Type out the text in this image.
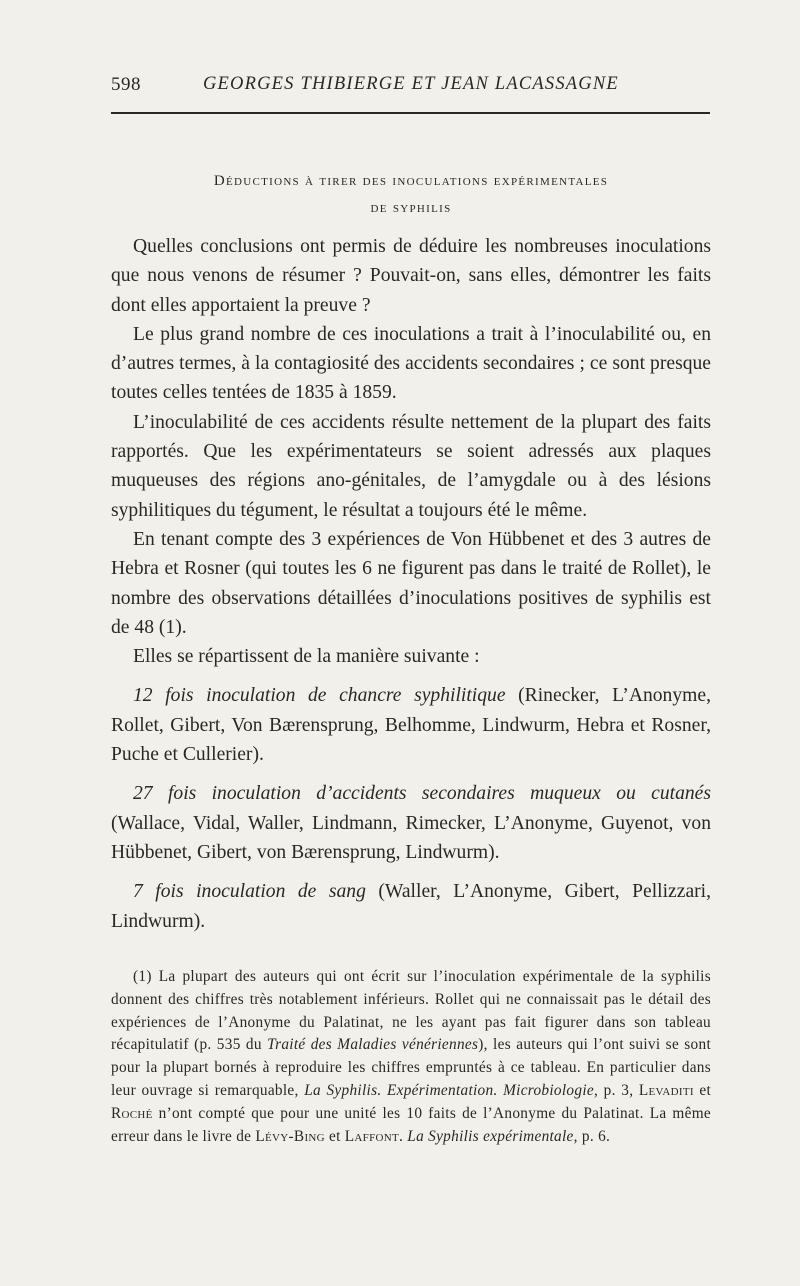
598	GEORGES THIBIERGE ET JEAN LACASSAGNE
Déductions à tirer des inoculations expérimentales
de syphilis

Quelles conclusions ont permis de déduire les nombreuses inoculations que nous venons de résumer ? Pouvait-on, sans elles, démontrer les faits dont elles apportaient la preuve ?

Le plus grand nombre de ces inoculations a trait à l’inoculabilité ou, en d’autres termes, à la contagiosité des accidents secondaires ; ce sont presque toutes celles tentées de 1835 à 1859.

L’inoculabilité de ces accidents résulte nettement de la plupart des faits rapportés. Que les expérimentateurs se soient adressés aux plaques muqueuses des régions ano-génitales, de l’amygdale ou à des lésions syphilitiques du tégument, le résultat a toujours été le même.

En tenant compte des 3 expériences de Von Hübbenet et des 3 autres de Hebra et Rosner (qui toutes les 6 ne figurent pas dans le traité de Rollet), le nombre des observations détaillées d’inoculations positives de syphilis est de 48 (1).

Elles se répartissent de la manière suivante :

12 fois inoculation de chancre syphilitique (Rinecker, L’Anonyme, Rollet, Gibert, Von Bærensprung, Belhomme, Lindwurm, Hebra et Rosner, Puche et Cullerier).

27 fois inoculation d’accidents secondaires muqueux ou cutanés (Wallace, Vidal, Waller, Lindmann, Rimecker, L’Anonyme, Guyenot, von Hübbenet, Gibert, von Bærensprung, Lindwurm).

7 fois inoculation de sang (Waller, L’Anonyme, Gibert, Pellizzari, Lindwurm).

(1) La plupart des auteurs qui ont écrit sur l’inoculation expérimentale de la syphilis donnent des chiffres très notablement inférieurs. Rollet qui ne connaissait pas le détail des expériences de l’Anonyme du Palatinat, ne les ayant pas fait figurer dans son tableau récapitulatif (p. 535 du Traité des Maladies vénériennes), les auteurs qui l’ont suivi se sont pour la plupart bornés à reproduire les chiffres empruntés à ce tableau. En particulier dans leur ouvrage si remarquable, La Syphilis. Expérimentation. Microbiologie, p. 3, Levaditi et Roché n’ont compté que pour une unité les 10 faits de l’Anonyme du Palatinat. La même erreur dans le livre de Lévy-Bing et Laffont. La Syphilis expérimentale, p. 6.
